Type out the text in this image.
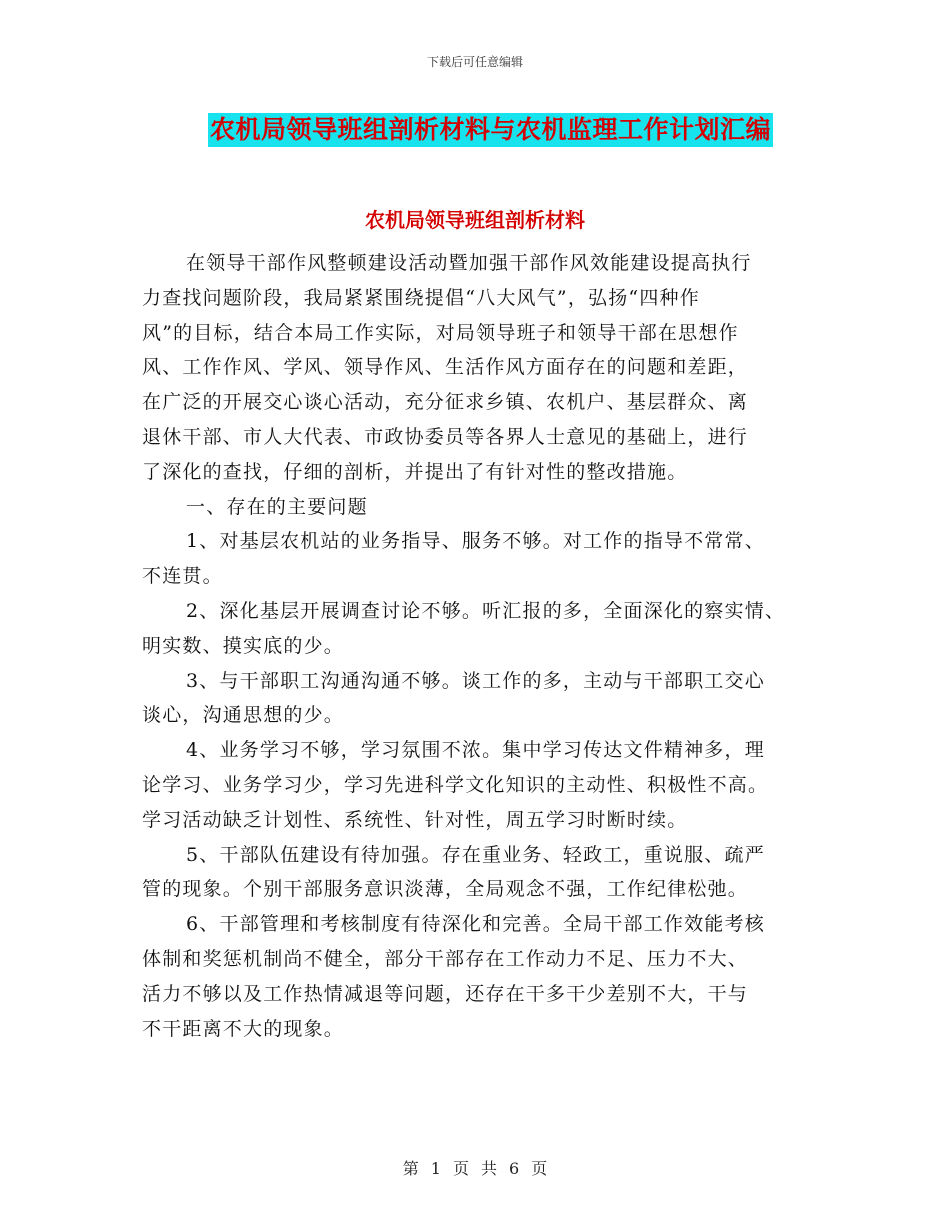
下载后可任意编辑
农机局领导班组剖析材料与农机监理工作计划汇编
农机局领导班组剖析材料
在领导干部作风整顿建设活动暨加强干部作风效能建设提高执行
力查找问题阶段，我局紧紧围绕提倡“八大风气”，弘扬“四种作
风”的目标，结合本局工作实际，对局领导班子和领导干部在思想作
风、工作作风、学风、领导作风、生活作风方面存在的问题和差距，
在广泛的开展交心谈心活动，充分征求乡镇、农机户、基层群众、离
退休干部、市人大代表、市政协委员等各界人士意见的基础上，进行
了深化的查找，仔细的剖析，并提出了有针对性的整改措施。
一、存在的主要问题
1、对基层农机站的业务指导、服务不够。对工作的指导不常常、
不连贯。
2、深化基层开展调查讨论不够。听汇报的多，全面深化的察实情、
明实数、摸实底的少。
3、与干部职工沟通沟通不够。谈工作的多，主动与干部职工交心
谈心，沟通思想的少。
4、业务学习不够，学习氛围不浓。集中学习传达文件精神多，理
论学习、业务学习少，学习先进科学文化知识的主动性、积极性不高。
学习活动缺乏计划性、系统性、针对性，周五学习时断时续。
5、干部队伍建设有待加强。存在重业务、轻政工，重说服、疏严
管的现象。个别干部服务意识淡薄，全局观念不强，工作纪律松弛。
6、干部管理和考核制度有待深化和完善。全局干部工作效能考核
体制和奖惩机制尚不健全，部分干部存在工作动力不足、压力不大、
活力不够以及工作热情减退等问题，还存在干多干少差别不大，干与
不干距离不大的现象。
第 1 页 共 6 页
